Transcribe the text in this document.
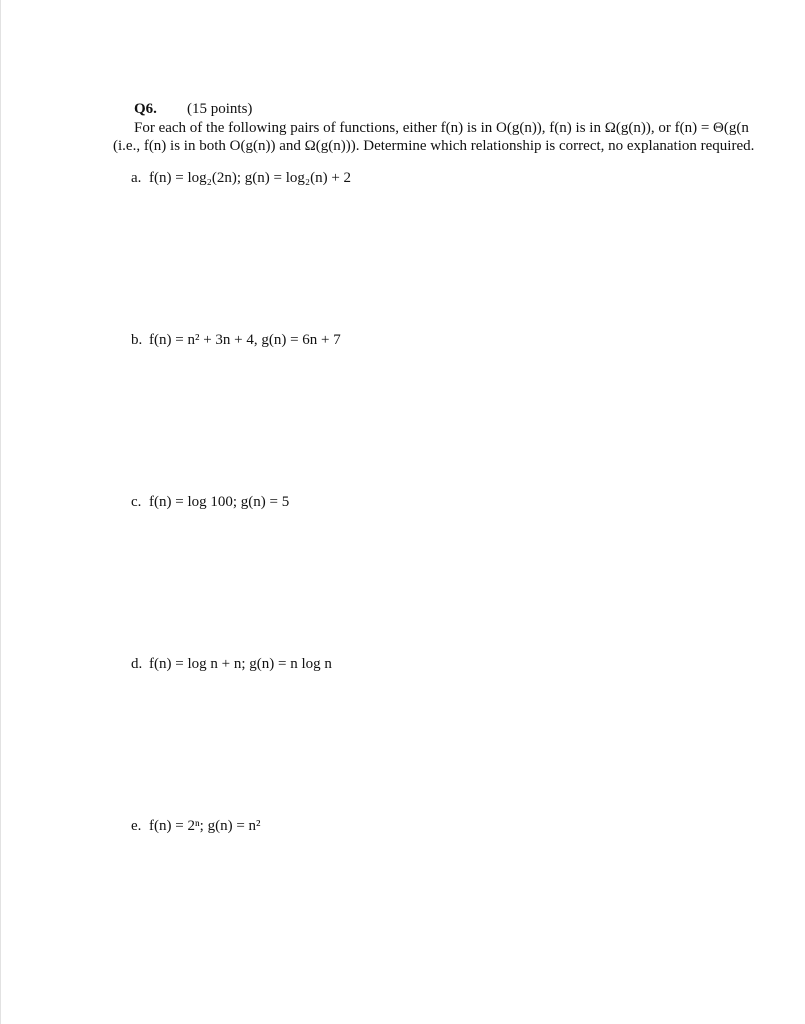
Q6. (15 points)
For each of the following pairs of functions, either f(n) is in O(g(n)), f(n) is in Ω(g(n)), or f(n) = Θ(g(n
(i.e., f(n) is in both O(g(n)) and Ω(g(n))). Determine which relationship is correct, no explanation required.
a. f(n) = log₂(2n); g(n) = log₂(n) + 2
b. f(n) = n² + 3n + 4, g(n) = 6n + 7
c. f(n) = log 100; g(n) = 5
d. f(n) = log n + n; g(n) = n log n
e. f(n) = 2ⁿ; g(n) = n²
